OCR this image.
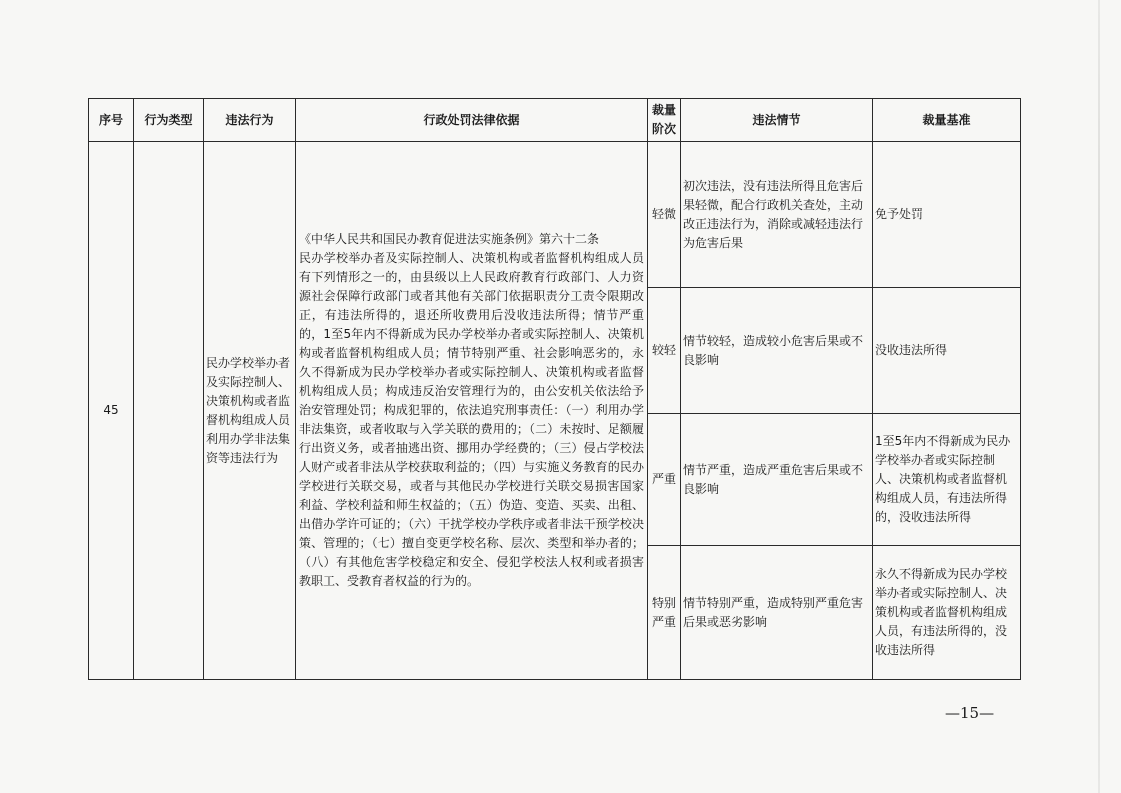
序号	行为类型	违法行为	行政处罚法律依据	裁量阶次	违法情节	裁量基准
45		民办学校举办者及实际控制人、决策机构或者监督机构组成人员利用办学非法集资等违法行为	《中华人民共和国民办教育促进法实施条例》第六十二条
民办学校举办者及实际控制人、决策机构或者监督机构组成人员有下列情形之一的，由县级以上人民政府教育行政部门、人力资源社会保障行政部门或者其他有关部门依据职责分工责令限期改正，有违法所得的，退还所收费用后没收违法所得；情节严重的，1至5年内不得新成为民办学校举办者或实际控制人、决策机构或者监督机构组成人员；情节特别严重、社会影响恶劣的，永久不得新成为民办学校举办者或实际控制人、决策机构或者监督机构组成人员；构成违反治安管理行为的，由公安机关依法给予治安管理处罚；构成犯罪的，依法追究刑事责任：（一）利用办学非法集资，或者收取与入学关联的费用的；（二）未按时、足额履行出资义务，或者抽逃出资、挪用办学经费的；（三）侵占学校法人财产或者非法从学校获取利益的；（四）与实施义务教育的民办学校进行关联交易，或者与其他民办学校进行关联交易损害国家利益、学校利益和师生权益的；（五）伪造、变造、买卖、出租、出借办学许可证的；（六）干扰学校办学秩序或者非法干预学校决策、管理的；（七）擅自变更学校名称、层次、类型和举办者的；（八）有其他危害学校稳定和安全、侵犯学校法人权利或者损害教职工、受教育者权益的行为的。	轻微	初次违法，没有违法所得且危害后果轻微，配合行政机关查处，主动改正违法行为，消除或减轻违法行为危害后果	免予处罚
				较轻	情节较轻，造成较小危害后果或不良影响	没收违法所得
				严重	情节严重，造成严重危害后果或不良影响	1至5年内不得新成为民办学校举办者或实际控制人、决策机构或者监督机构组成人员，有违法所得的，没收违法所得
				特别严重	情节特别严重，造成特别严重危害后果或恶劣影响	永久不得新成为民办学校举办者或实际控制人、决策机构或者监督机构组成人员，有违法所得的，没收违法所得
—15—
